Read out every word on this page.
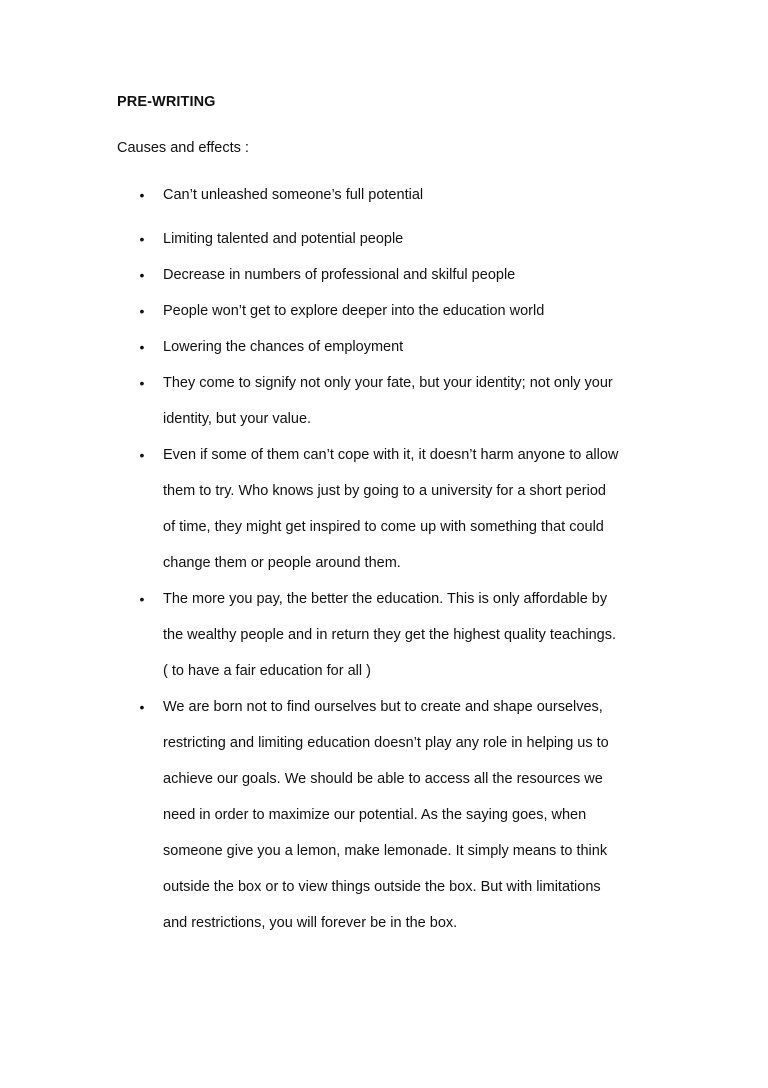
PRE-WRITING
Causes and effects :
• Can’t unleashed someone’s full potential
• Limiting talented and potential people
• Decrease in numbers of professional and skilful people
• People won’t get to explore deeper into the education world
• Lowering the chances of employment
• They come to signify not only your fate, but your identity; not only your
identity, but your value.
• Even if some of them can’t cope with it, it doesn’t harm anyone to allow
them to try. Who knows just by going to a university for a short period
of time, they might get inspired to come up with something that could
change them or people around them.
• The more you pay, the better the education. This is only affordable by
the wealthy people and in return they get the highest quality teachings.
( to have a fair education for all )
• We are born not to find ourselves but to create and shape ourselves,
restricting and limiting education doesn’t play any role in helping us to
achieve our goals. We should be able to access all the resources we
need in order to maximize our potential. As the saying goes, when
someone give you a lemon, make lemonade. It simply means to think
outside the box or to view things outside the box. But with limitations
and restrictions, you will forever be in the box.
